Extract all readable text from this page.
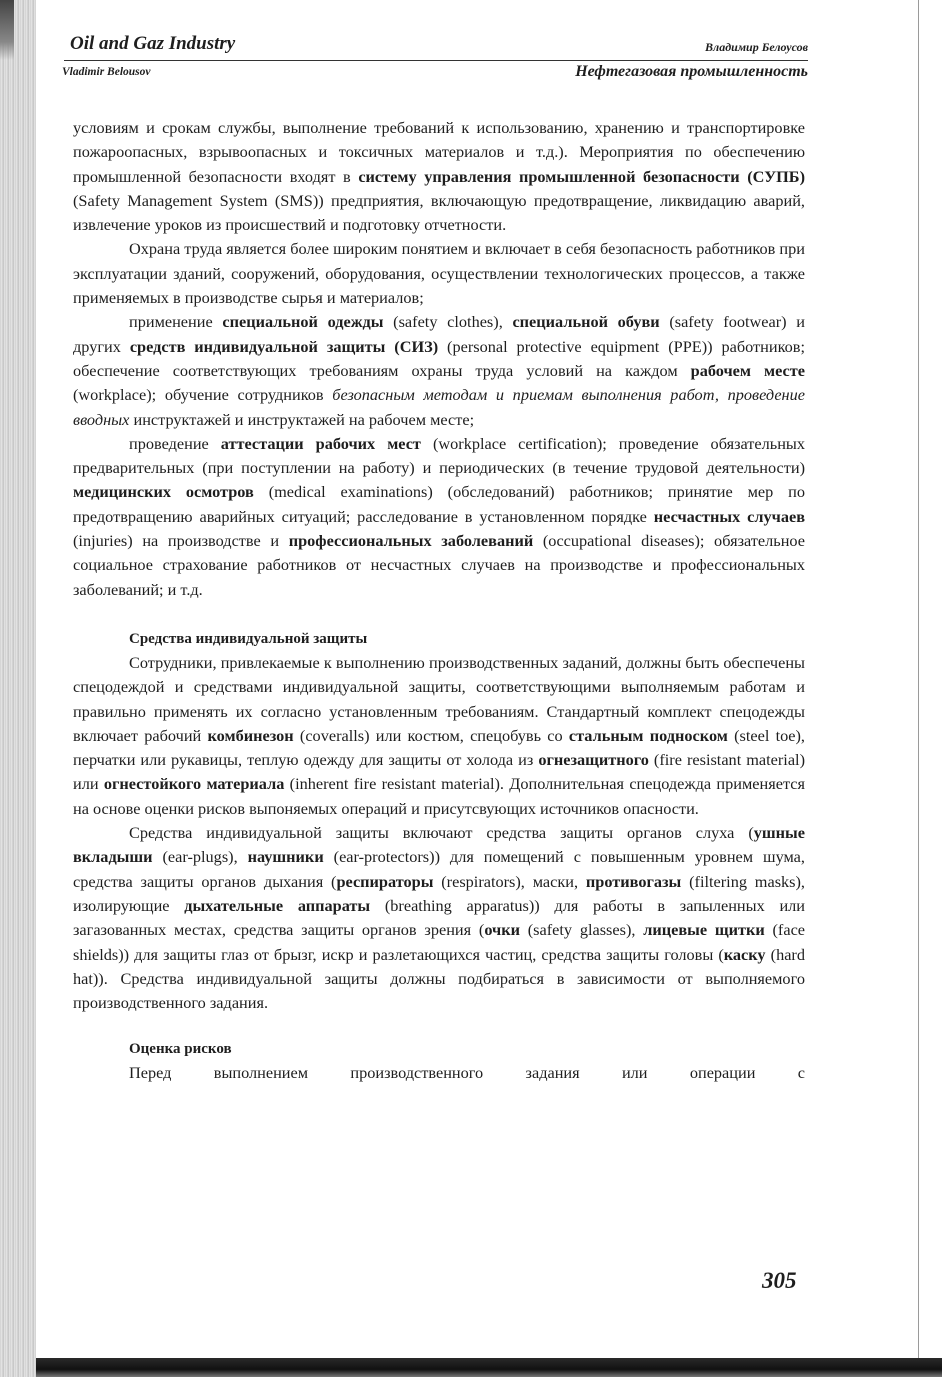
Oil and Gaz Industry	Владимир Белоусов
Vladimir Belousov	Нефтегазовая промышленность

условиям и срокам службы, выполнение требований к использованию, хранению и транспортировке пожароопасных, взрывоопасных и токсичных материалов и т.д.). Мероприятия по обеспечению промышленной безопасности входят в систему управления промышленной безопасности (СУПБ) (Safety Management System (SMS)) предприятия, включающую предотвращение, ликвидацию аварий, извлечение уроков из происшествий и подготовку отчетности.

Охрана труда является более широким понятием и включает в себя безопасность работников при эксплуатации зданий, сооружений, оборудования, осуществлении технологических процессов, а также применяемых в производстве сырья и материалов;

применение специальной одежды (safety clothes), специальной обуви (safety footwear) и других средств индивидуальной защиты (СИЗ) (personal protective equipment (PPE)) работников; обеспечение соответствующих требованиям охраны труда условий на каждом рабочем месте (workplace); обучение сотрудников безопасным методам и приемам выполнения работ, проведение вводных инструктажей и инструктажей на рабочем месте;

проведение аттестации рабочих мест (workplace certification); проведение обязательных предварительных (при поступлении на работу) и периодических (в течение трудовой деятельности) медицинских осмотров (medical examinations) (обследований) работников; принятие мер по предотвращению аварийных ситуаций; расследование в установленном порядке несчастных случаев (injuries) на производстве и профессиональных заболеваний (occupational diseases); обязательное социальное страхование работников от несчастных случаев на производстве и профессиональных заболеваний; и т.д.

Средства индивидуальной защиты

Сотрудники, привлекаемые к выполнению производственных заданий, должны быть обеспечены спецодеждой и средствами индивидуальной защиты, соответствующими выполняемым работам и правильно применять их согласно установленным требованиям. Стандартный комплект спецодежды включает рабочий комбинезон (coveralls) или костюм, спецобувь со стальным подноском (steel toe), перчатки или рукавицы, теплую одежду для защиты от холода из огнезащитного (fire resistant material) или огнестойкого материала (inherent fire resistant material). Дополнительная спецодежда применяется на основе оценки рисков выпоняемых операций и присутсвующих источников опасности.

Средства индивидуальной защиты включают средства защиты органов слуха (ушные вкладыши (ear-plugs), наушники (ear-protectors)) для помещений с повышенным уровнем шума, средства защиты органов дыхания (респираторы (respirators), маски, противогазы (filtering masks), изолирующие дыхательные аппараты (breathing apparatus)) для работы в запыленных или загазованных местах, средства защиты органов зрения (очки (safety glasses), лицевые щитки (face shields)) для защиты глаз от брызг, искр и разлетающихся частиц, средства защиты головы (каску (hard hat)). Средства индивидуальной защиты должны подбираться в зависимости от выполняемого производственного задания.

Оценка рисков

Перед выполнением производственного задания или операции с

305
